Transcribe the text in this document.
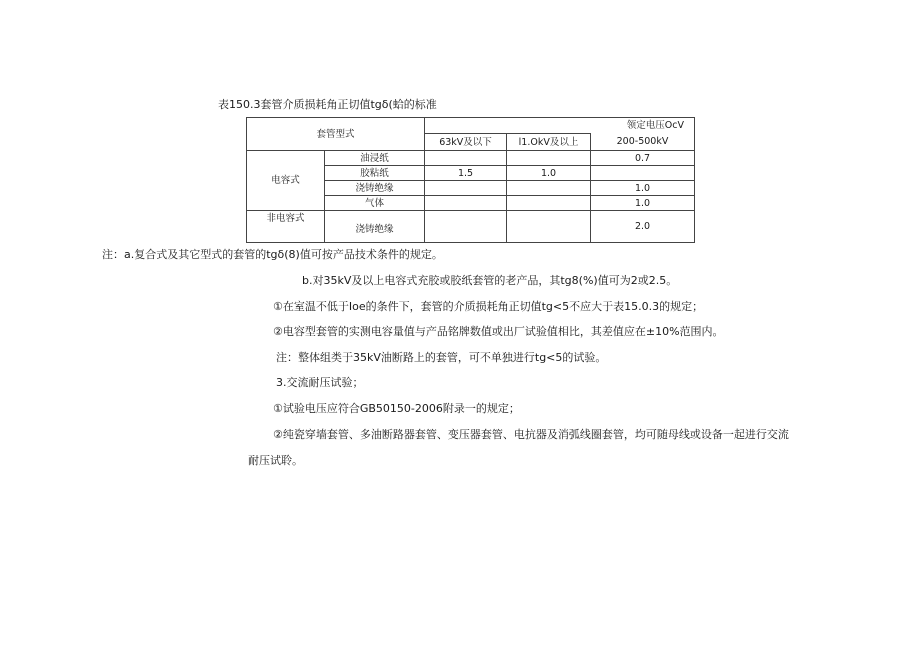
表150.3套管介质损耗角正切值tgδ(蛤的标准
套管型式		领定电压OcV		
		63kV及以下	l1.OkV及以上	
				200-500kV
电容式	油浸纸			0.7
	胶粘纸	1.5	1.0	
	浇铸绝缘			1.0
	气体			1.0
非电容式	浇铸绝缘			2.0
注：a.复合式及其它型式的套管的tgδ(8)值可按产品技术条件的规定。
b.对35kV及以上电容式充胶或胶纸套管的老产品，其tg8(%)值可为2或2.5。
①在室温不低于Ioe的条件下，套管的介质损耗角正切值tg<5不应大于表15.0.3的规定；
②电容型套管的实测电容量值与产品铭牌数值或出厂试验值相比，其差值应在±10%范围内。
注：整体组类于35kV油断路上的套管，可不单独进行tg<5的试验。
3.交流耐压试验；
①试验电压应符合GB50150-2006附录一的规定；
②纯瓷穿墙套管、多油断路器套管、变压器套管、电抗器及消弧线圈套管，均可随母线或设备一起进行交流
耐压试聆。
